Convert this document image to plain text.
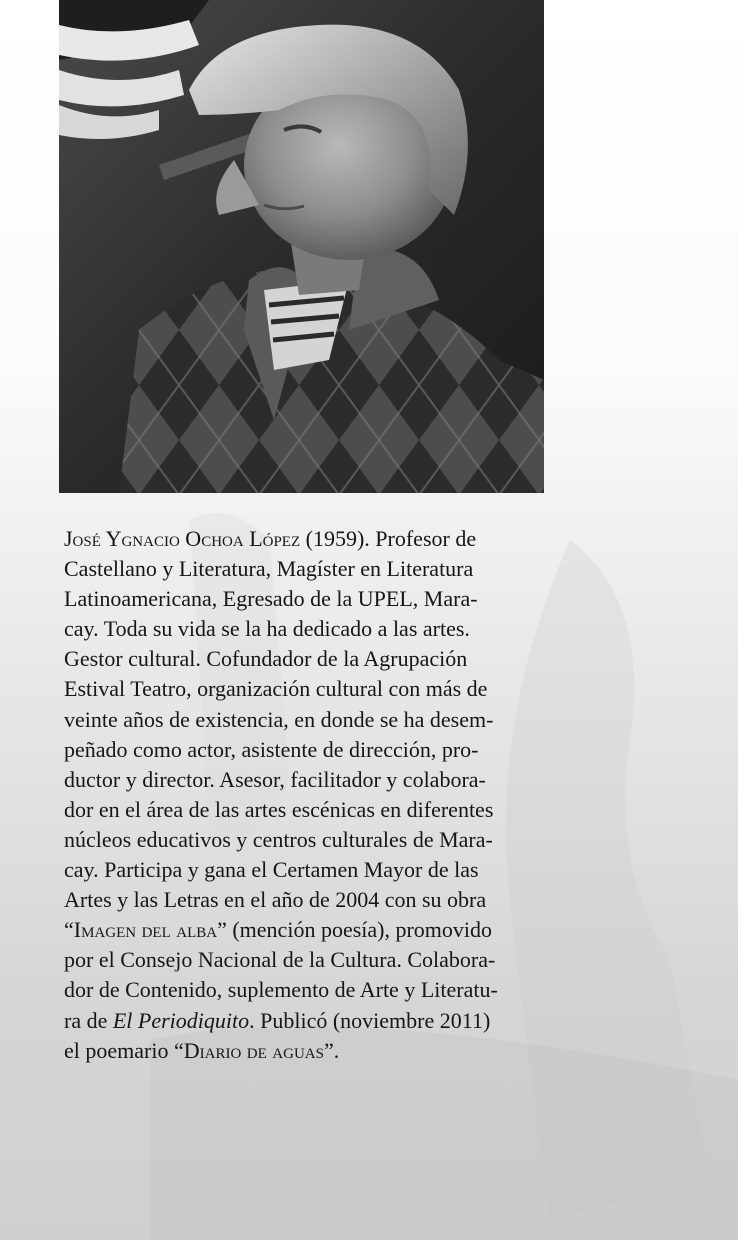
José Ygnacio Ochoa López (1959). Profesor de
Castellano y Literatura, Magíster en Literatura
Latinoamericana, Egresado de la UPEL, Mara-
cay. Toda su vida se la ha dedicado a las artes.
Gestor cultural. Cofundador de la Agrupación
Estival Teatro, organización cultural con más de
veinte años de existencia, en donde se ha desem-
peñado como actor, asistente de dirección, pro-
ductor y director. Asesor, facilitador y colabora-
dor en el área de las artes escénicas en diferentes
núcleos educativos y centros culturales de Mara-
cay. Participa y gana el Certamen Mayor de las
Artes y las Letras en el año de 2004 con su obra
“Imagen del alba” (mención poesía), promovido
por el Consejo Nacional de la Cultura. Colabora-
dor de Contenido, suplemento de Arte y Literatu-
ra de El Periodiquito. Publicó (noviembre 2011)
el poemario “Diario de aguas”.
